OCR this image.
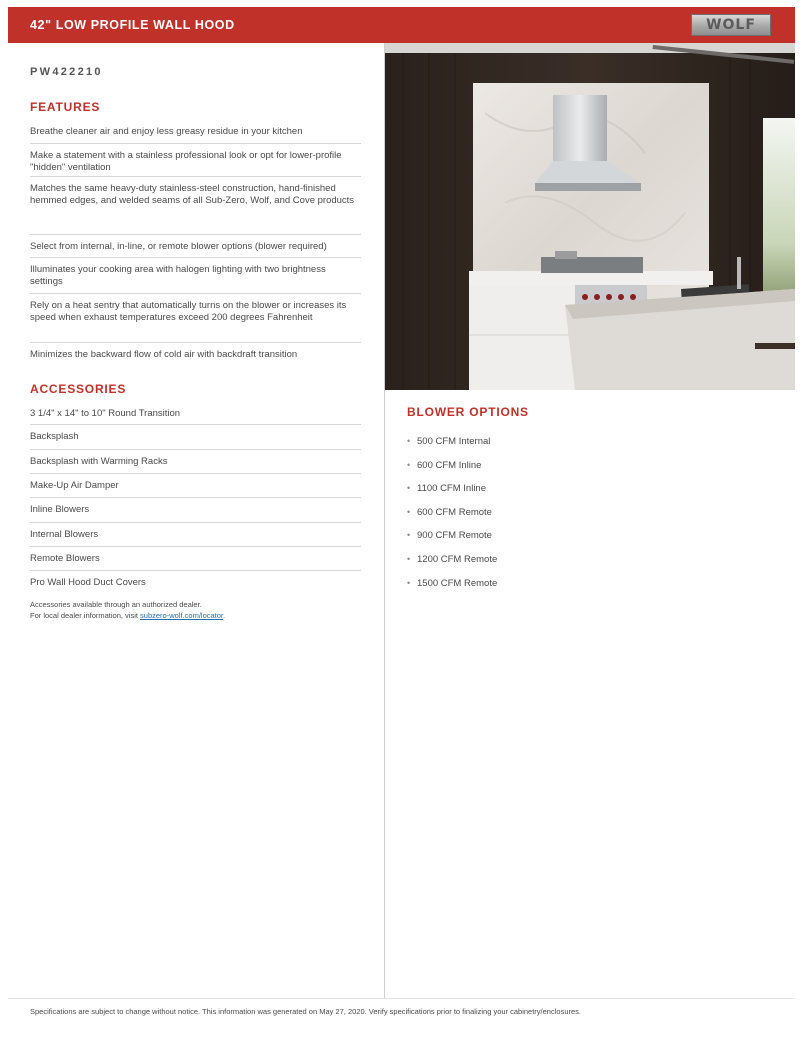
42" LOW PROFILE WALL HOOD	WOLF
PW422210
FEATURES
Breathe cleaner air and enjoy less greasy residue in your kitchen
Make a statement with a stainless professional look or opt for lower-profile "hidden" ventilation
Matches the same heavy-duty stainless-steel construction, hand-finished hemmed edges, and welded seams of all Sub-Zero, Wolf, and Cove products
Select from internal, in-line, or remote blower options (blower required)
Illuminates your cooking area with halogen lighting with two brightness settings
Rely on a heat sentry that automatically turns on the blower or increases its speed when exhaust temperatures exceed 200 degrees Fahrenheit
Minimizes the backward flow of cold air with backdraft transition
ACCESSORIES
3 1/4" x 14" to 10" Round Transition
Backsplash
Backsplash with Warming Racks
Make-Up Air Damper
Inline Blowers
Internal Blowers
Remote Blowers
Pro Wall Hood Duct Covers
Accessories available through an authorized dealer.
For local dealer information, visit subzero-wolf.com/locator.
BLOWER OPTIONS
• 500 CFM Internal
• 600 CFM Inline
• 1100 CFM Inline
• 600 CFM Remote
• 900 CFM Remote
• 1200 CFM Remote
• 1500 CFM Remote
Specifications are subject to change without notice. This information was generated on May 27, 2020. Verify specifications prior to finalizing your cabinetry/enclosures.
